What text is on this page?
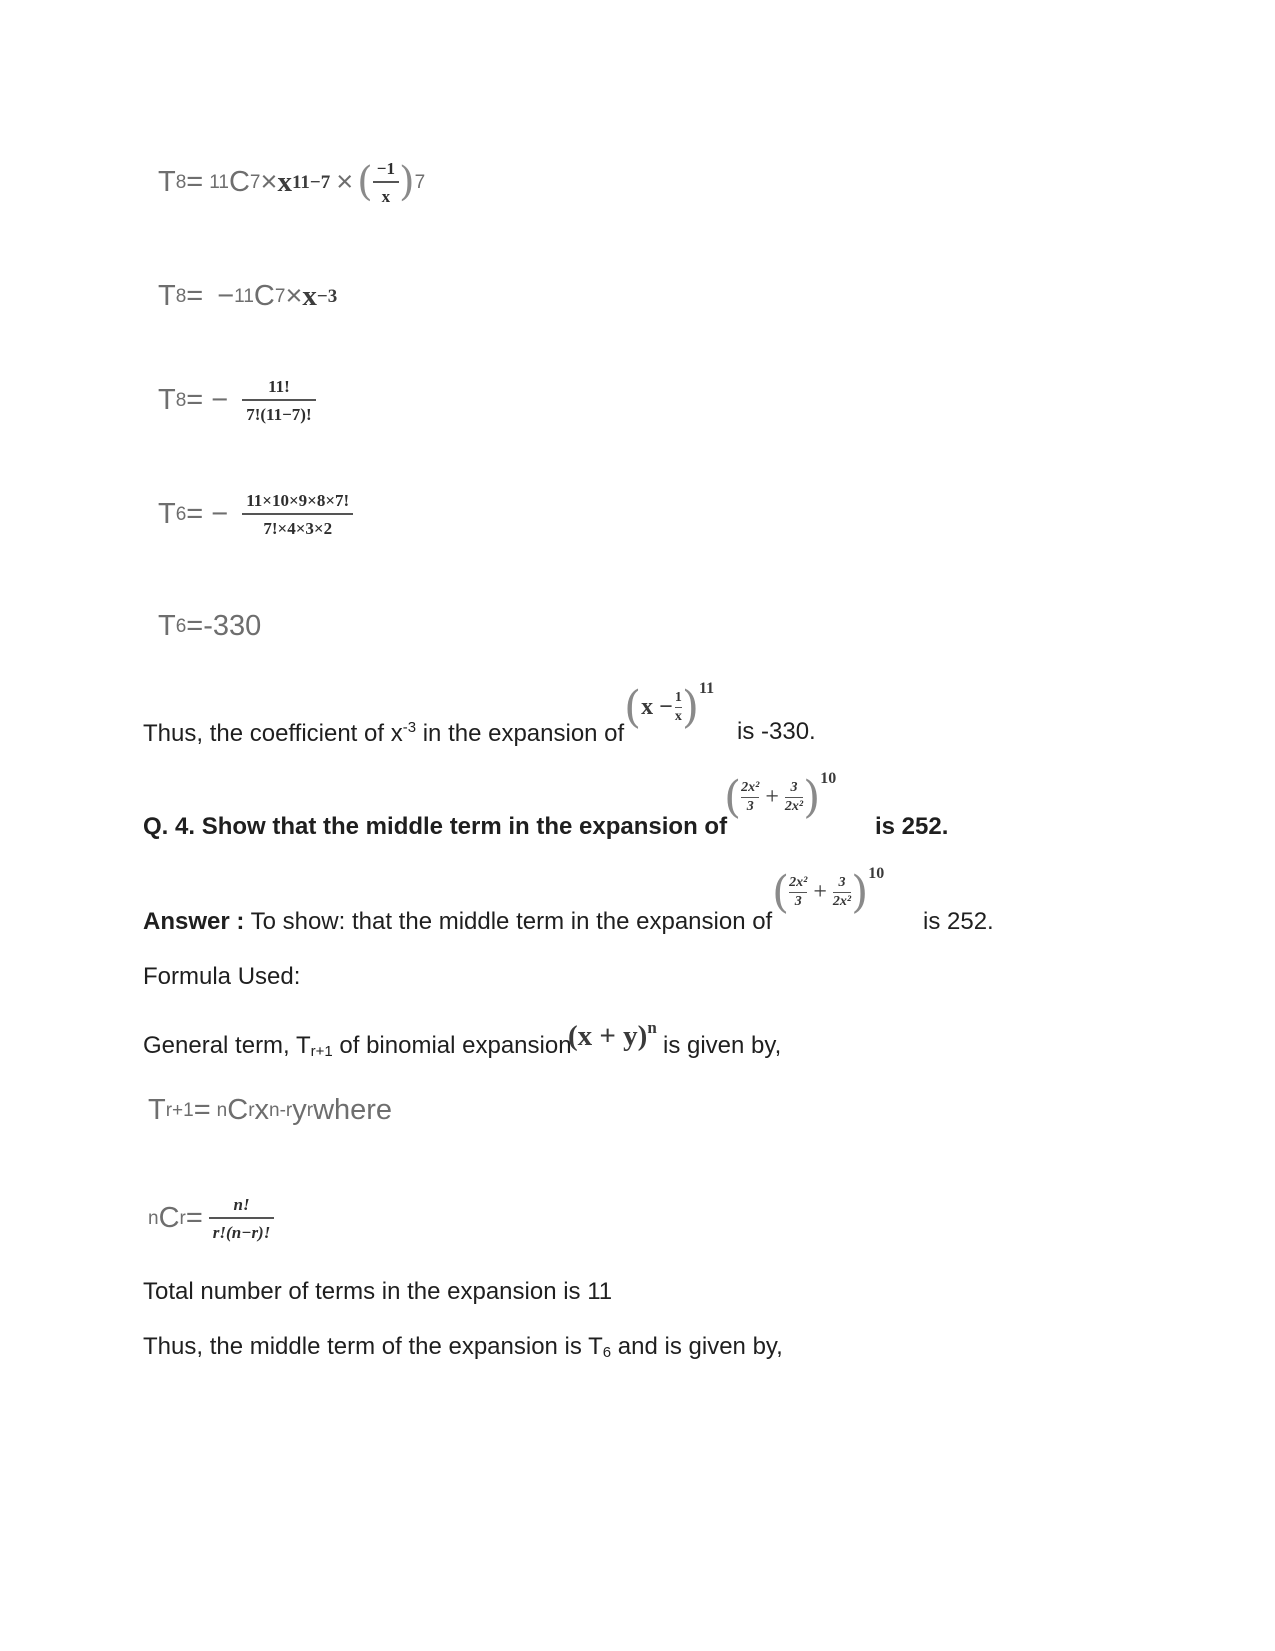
T 8 = 11 C 7 × x 11−7 × ( $\frac{-1}{x}$ ) 7
T 8 = − 11 C 7 × x −3
T 8 = − $\frac{11!}{7!(11-7)!}$
T 6 = − $\frac{11\times 10\times 9\times 8\times 7!}{7!\times 4\times 3\times 2}$
T 6 =-330
Thus, the coefficient of $x^{-3}$ in the expansion of
( x − 1
x ) 11
is -330.
Q. 4. Show that the middle term in the expansion of
( 2x²
3 + 3
2x² ) 10
is 252.
Answer : To show: that the middle term in the expansion of
( 2x²
3 + 3
2x² ) 10
is 252.
Formula Used:
General term, $T_{r+1}$ of binomial expansion
$(x + y)^n$
is given by,
T r+1 = n C r x n-r y r where
n C $r = \frac{n!}{r!(n-r)!}$
Total number of terms in the expansion is 11
Thus, the middle term of the expansion is $T_6$ and is given by,
